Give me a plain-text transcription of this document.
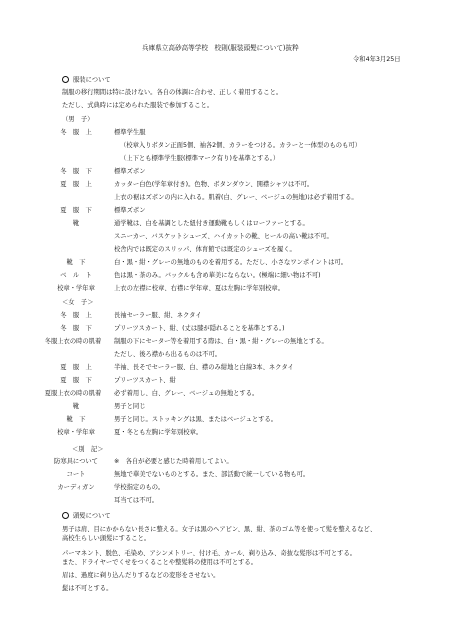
兵庫県立高砂高等学校　校則(服装頭髪について)抜粋
令和4年3月25日
服装について
制服の移行期間は特に設けない。各自の体調に合わせ、正しく着用すること。
ただし、式典時には定められた服装で参加すること。
（男　子）
冬　服　上	標準学生服
（校章入りボタン正面5個、袖各2個、カラーをつける。カラーと一体型のものも可）
（上下とも標準学生服(標準マーク有り)を基準とする。）
冬　服　下	標準ズボン
夏　服　上	カッター白色(学年章付き)。色物、ボタンダウン、開襟シャツは不可。
上衣の裾はズボンの内に入れる。肌着(白、グレー、ベージュの無地)は必ず着用する。
夏　服　下	標準ズボン
靴	通学靴は、白を基調とした紐付き運動靴もしくはローファーとする。
スニーカー、バスケットシューズ、ハイカットの靴、ヒールの高い靴は不可。
校舎内では既定のスリッパ、体育館では既定のシューズを履く。
靴　下	白・黒・紺・グレーの無地のものを着用する。ただし、小さなワンポイントは可。
ベ　ル　ト	色は黒・茶のみ。バックルも含め華美にならない。(極端に細い物は不可)
校章・学年章	上衣の左襟に校章、右襟に学年章、夏は左胸に学年別校章。
＜女　子＞
冬　服　上	長袖セーラー服、紺、ネクタイ
冬　服　下	プリーツスカート、紺、(丈は膝が隠れることを基準とする。)
冬服上衣の時の肌着	制服の下にセーター等を着用する際は、白・黒・紺・グレーの無地とする。
ただし、後ろ襟から出るものは不可。
夏　服　上	半袖、長そでセーラー服、白、襟のみ紺地と白線3本、ネクタイ
夏　服　下	プリーツスカート、紺
夏服上衣の時の肌着	必ず着用し、白、グレー、ベージュの無地とする。
靴	男子と同じ
靴　下	男子と同じ。ストッキングは黒、またはベージュとする。
校章・学年章	夏・冬とも左胸に学年別校章。
＜別　記＞
防寒具について	※　各自が必要と感じた時着用してよい。
コート	無地で華美でないものとする。また、部活動で統一している物も可。
カーディガン	学校指定のもの。
耳当ては不可。
頭髪について
男子は肩、目にかからない長さに整える。女子は黒のヘアピン、黒、紺、茶のゴム等を使って髪を整えるなど、
高校生らしい頭髪にすること。
パーマネント、脱色、毛染め、アシンメトリー、付け毛、カール、剃り込み、奇抜な髪形は不可とする。
また、ドライヤーでくせをつくることや整髪料の使用は不可とする。
眉は、過度に剃り込んだりするなどの変形をさせない。
髭は不可とする。
